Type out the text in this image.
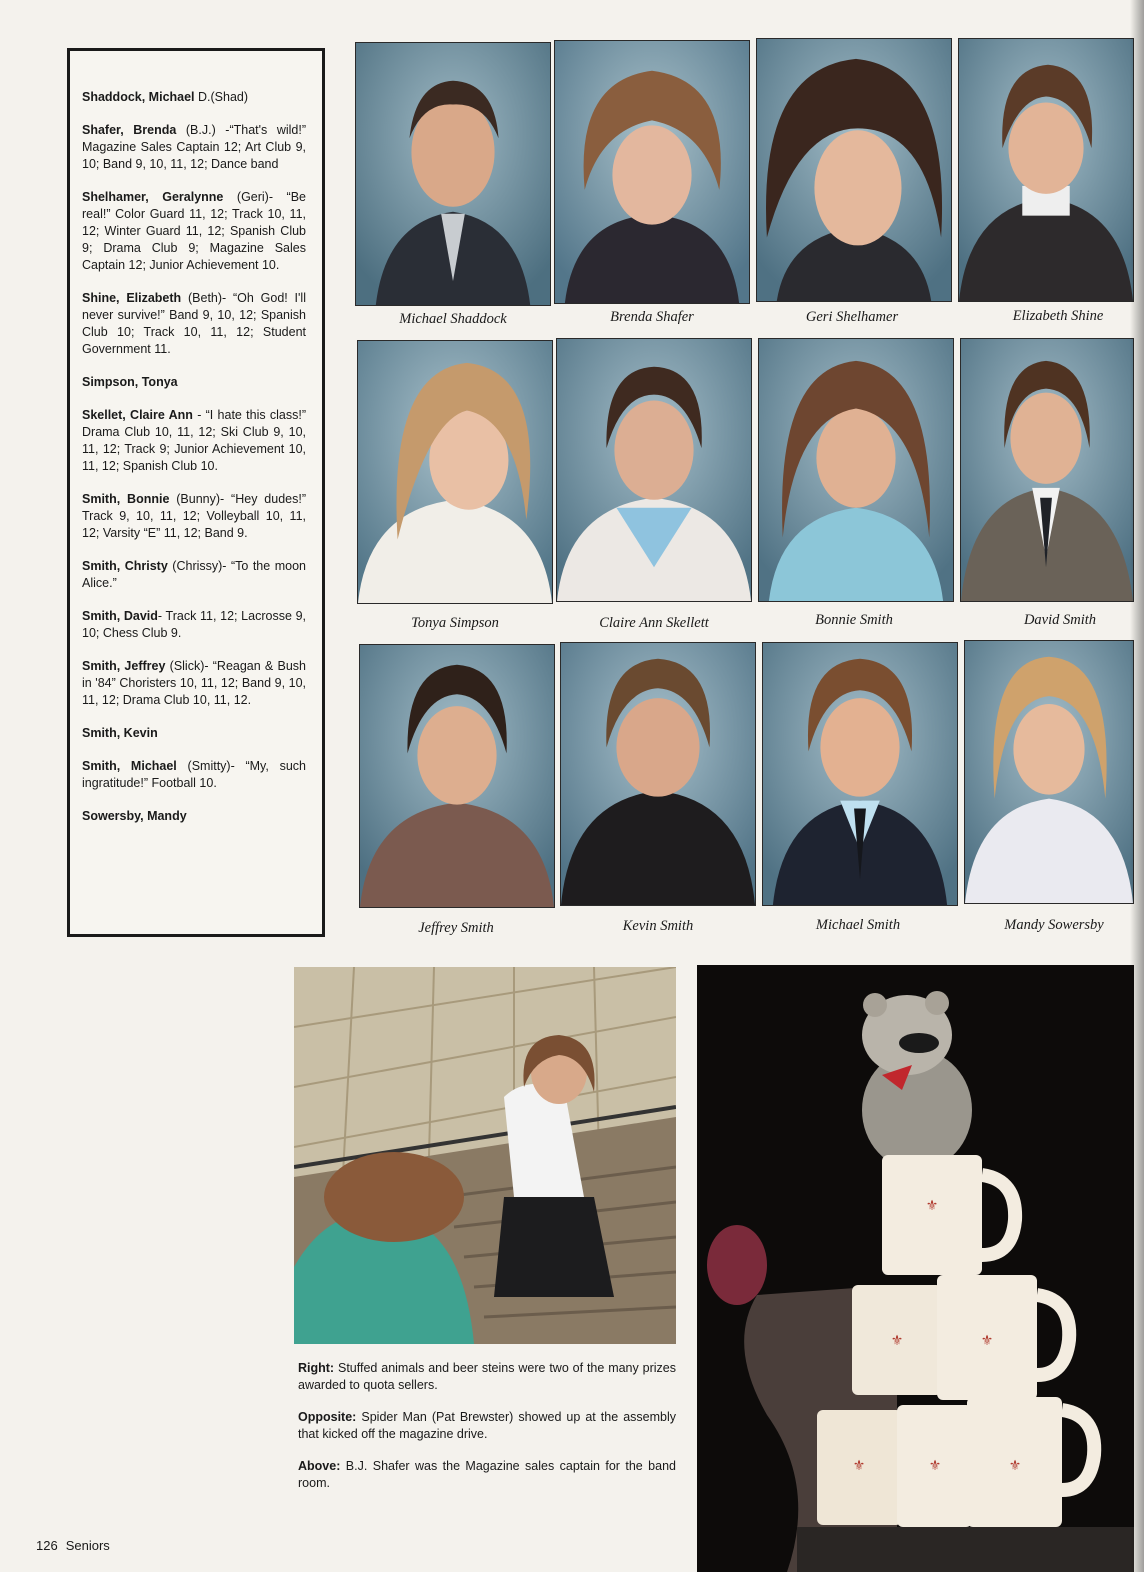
Shaddock, Michael D.(Shad)

Shafer, Brenda (B.J.) -“That's wild!” Magazine Sales Captain 12; Art Club 9, 10; Band 9, 10, 11, 12; Dance band

Shelhamer, Geralynne (Geri)- “Be real!” Color Guard 11, 12; Track 10, 11, 12; Winter Guard 11, 12; Spanish Club 9; Drama Club 9; Magazine Sales Captain 12; Junior Achievement 10.

Shine, Elizabeth (Beth)- “Oh God! I'll never survive!” Band 9, 10, 12; Spanish Club 10; Track 10, 11, 12; Student Government 11.

Simpson, Tonya

Skellet, Claire Ann - “I hate this class!” Drama Club 10, 11, 12; Ski Club 9, 10, 11, 12; Track 9; Junior Achievement 10, 11, 12; Spanish Club 10.

Smith, Bonnie (Bunny)- “Hey dudes!” Track 9, 10, 11, 12; Volleyball 10, 11, 12; Varsity “E” 11, 12; Band 9.

Smith, Christy (Chrissy)- “To the moon Alice.”

Smith, David- Track 11, 12; Lacrosse 9, 10; Chess Club 9.

Smith, Jeffrey (Slick)- “Reagan & Bush in '84” Choristers 10, 11, 12; Band 9, 10, 11, 12; Drama Club 10, 11, 12.

Smith, Kevin

Smith, Michael (Smitty)- “My, such ingratitude!” Football 10.

Sowersby, Mandy

Michael Shaddock	Brenda Shafer	Geri Shelhamer	Elizabeth Shine
Tonya Simpson	Claire Ann Skellett	Bonnie Smith	David Smith
Jeffrey Smith	Kevin Smith	Michael Smith	Mandy Sowersby
⚜
⚜	⚜
⚜	⚜	⚜

Right: Stuffed animals and beer steins were two of the many prizes awarded to quota sellers.

Opposite: Spider Man (Pat Brewster) showed up at the assembly that kicked off the magazine drive.

Above: B.J. Shafer was the Magazine sales captain for the band room.

126 Seniors
